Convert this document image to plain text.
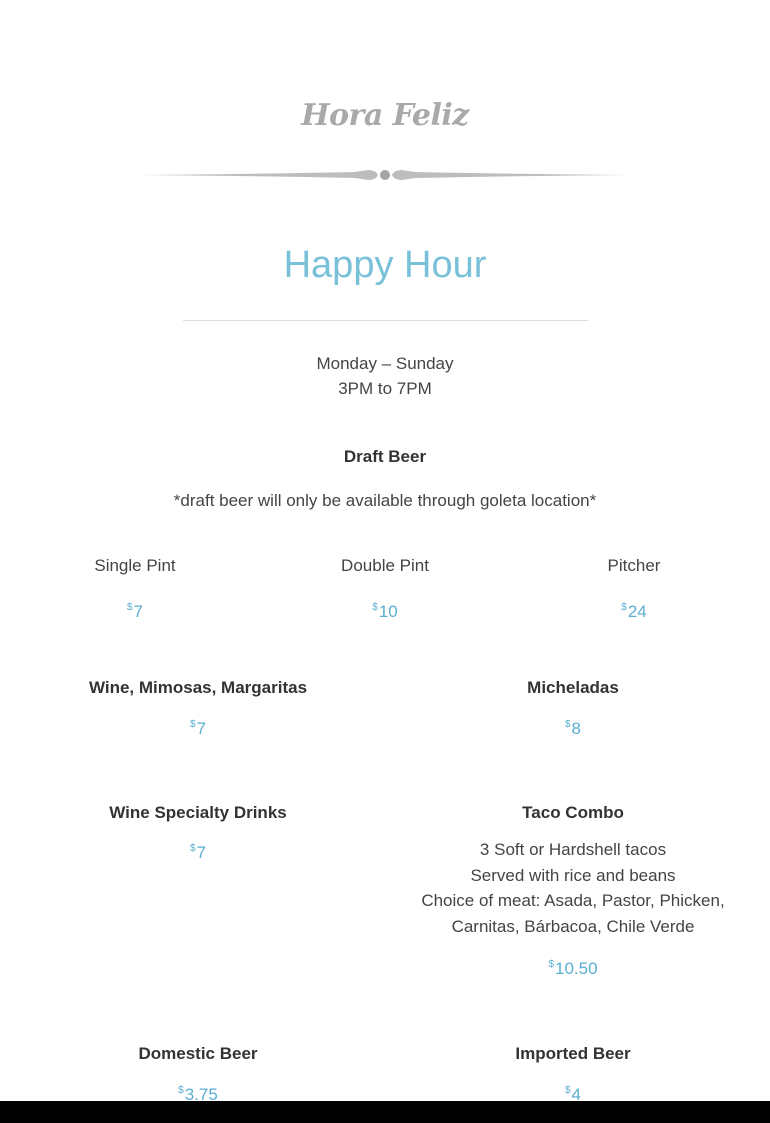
Hora Feliz
Happy Hour
Monday – Sunday
3PM to 7PM
Draft Beer
*draft beer will only be available through goleta location*
Single Pint
$7
Double Pint
$10
Pitcher
$24
Wine, Mimosas, Margaritas
$7
Micheladas
$8
Wine Specialty Drinks
$7
Taco Combo
3 Soft or Hardshell tacos
Served with rice and beans
Choice of meat: Asada, Pastor, Phicken,
Carnitas, Bárbacoa, Chile Verde
$10.50
Domestic Beer
$3.75
Imported Beer
$4
